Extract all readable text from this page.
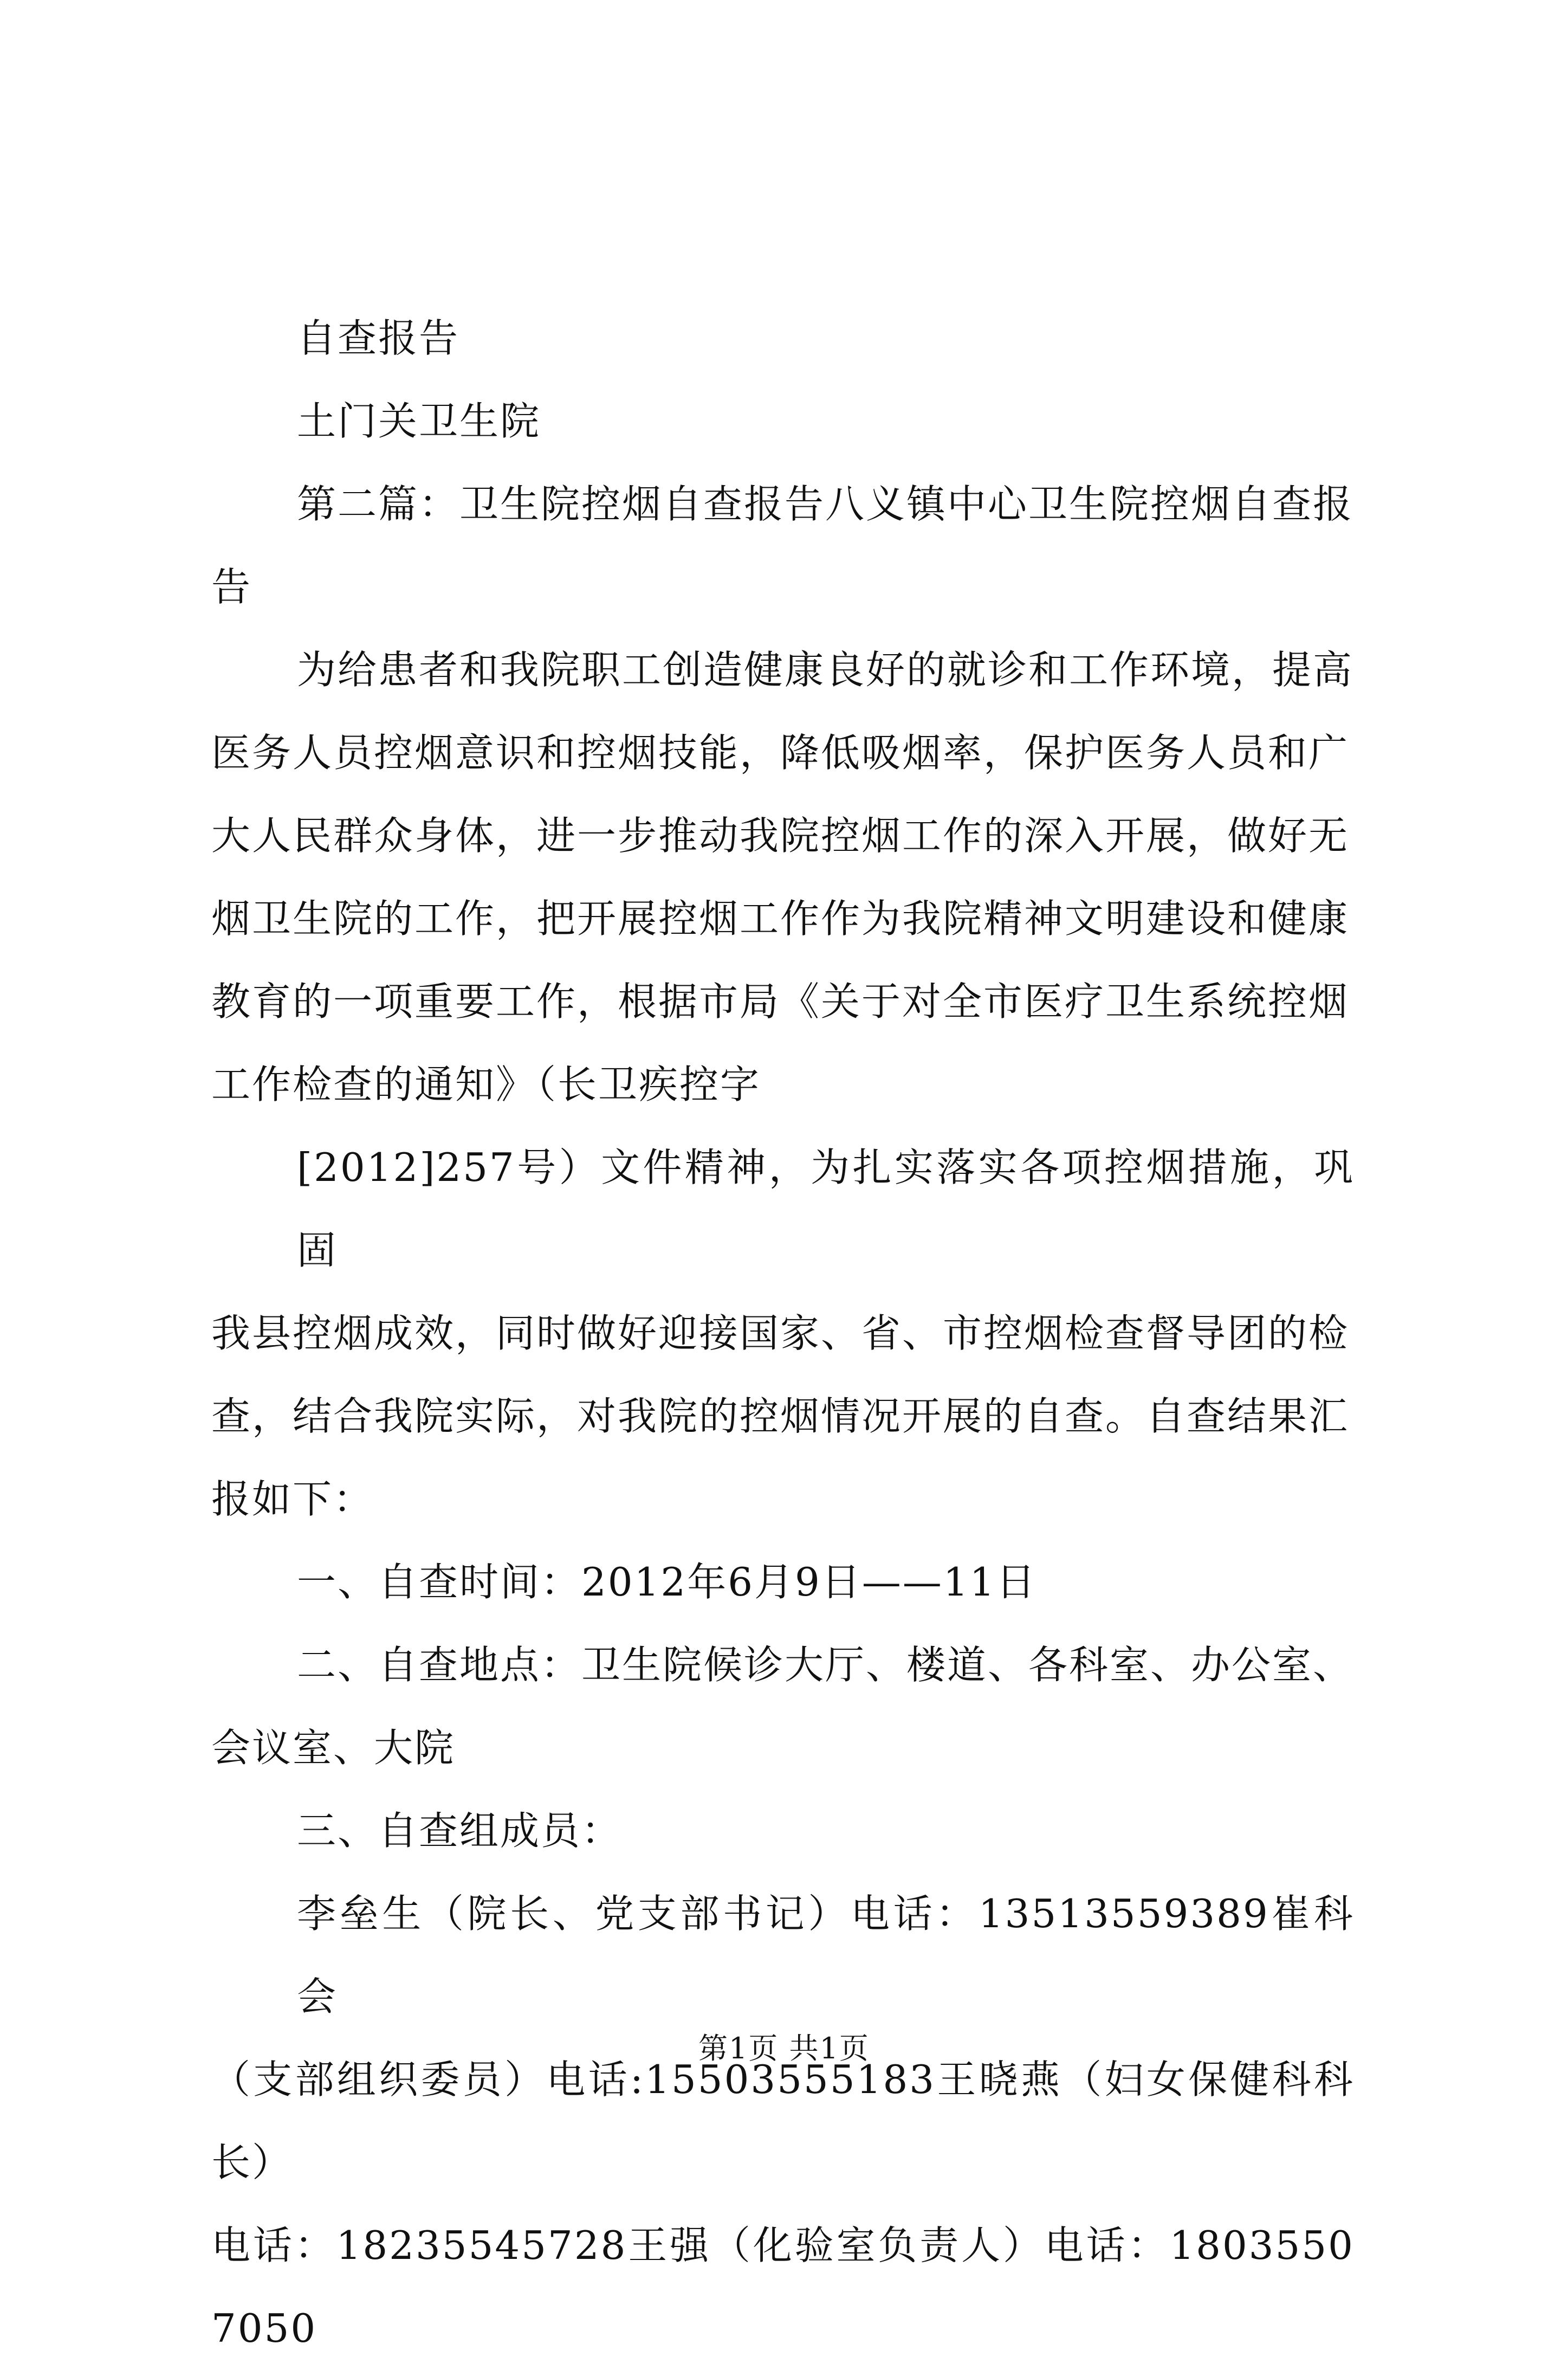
自查报告
土门关卫生院
第二篇：卫生院控烟自查报告八义镇中心卫生院控烟自查报
告
为给患者和我院职工创造健康良好的就诊和工作环境，提高
医务人员控烟意识和控烟技能，降低吸烟率，保护医务人员和广
大人民群众身体，进一步推动我院控烟工作的深入开展，做好无
烟卫生院的工作，把开展控烟工作作为我院精神文明建设和健康
教育的一项重要工作，根据市局《关于对全市医疗卫生系统控烟
工作检查的通知》（长卫疾控字
[2012]257号）文件精神，为扎实落实各项控烟措施，巩固
我县控烟成效，同时做好迎接国家、省、市控烟检查督导团的检
查，结合我院实际，对我院的控烟情况开展的自查。自查结果汇
报如下：
一、自查时间：2012年6月9日——11日
二、自查地点：卫生院候诊大厅、楼道、各科室、办公室、
会议室、大院
三、自查组成员：
李垒生（院长、党支部书记）电话：13513559389崔科会
（支部组织委员）电话:15503555183王晓燕（妇女保健科科长）
电话：18235545728王强（化验室负责人）电话：18035507050
第1页 共1页
